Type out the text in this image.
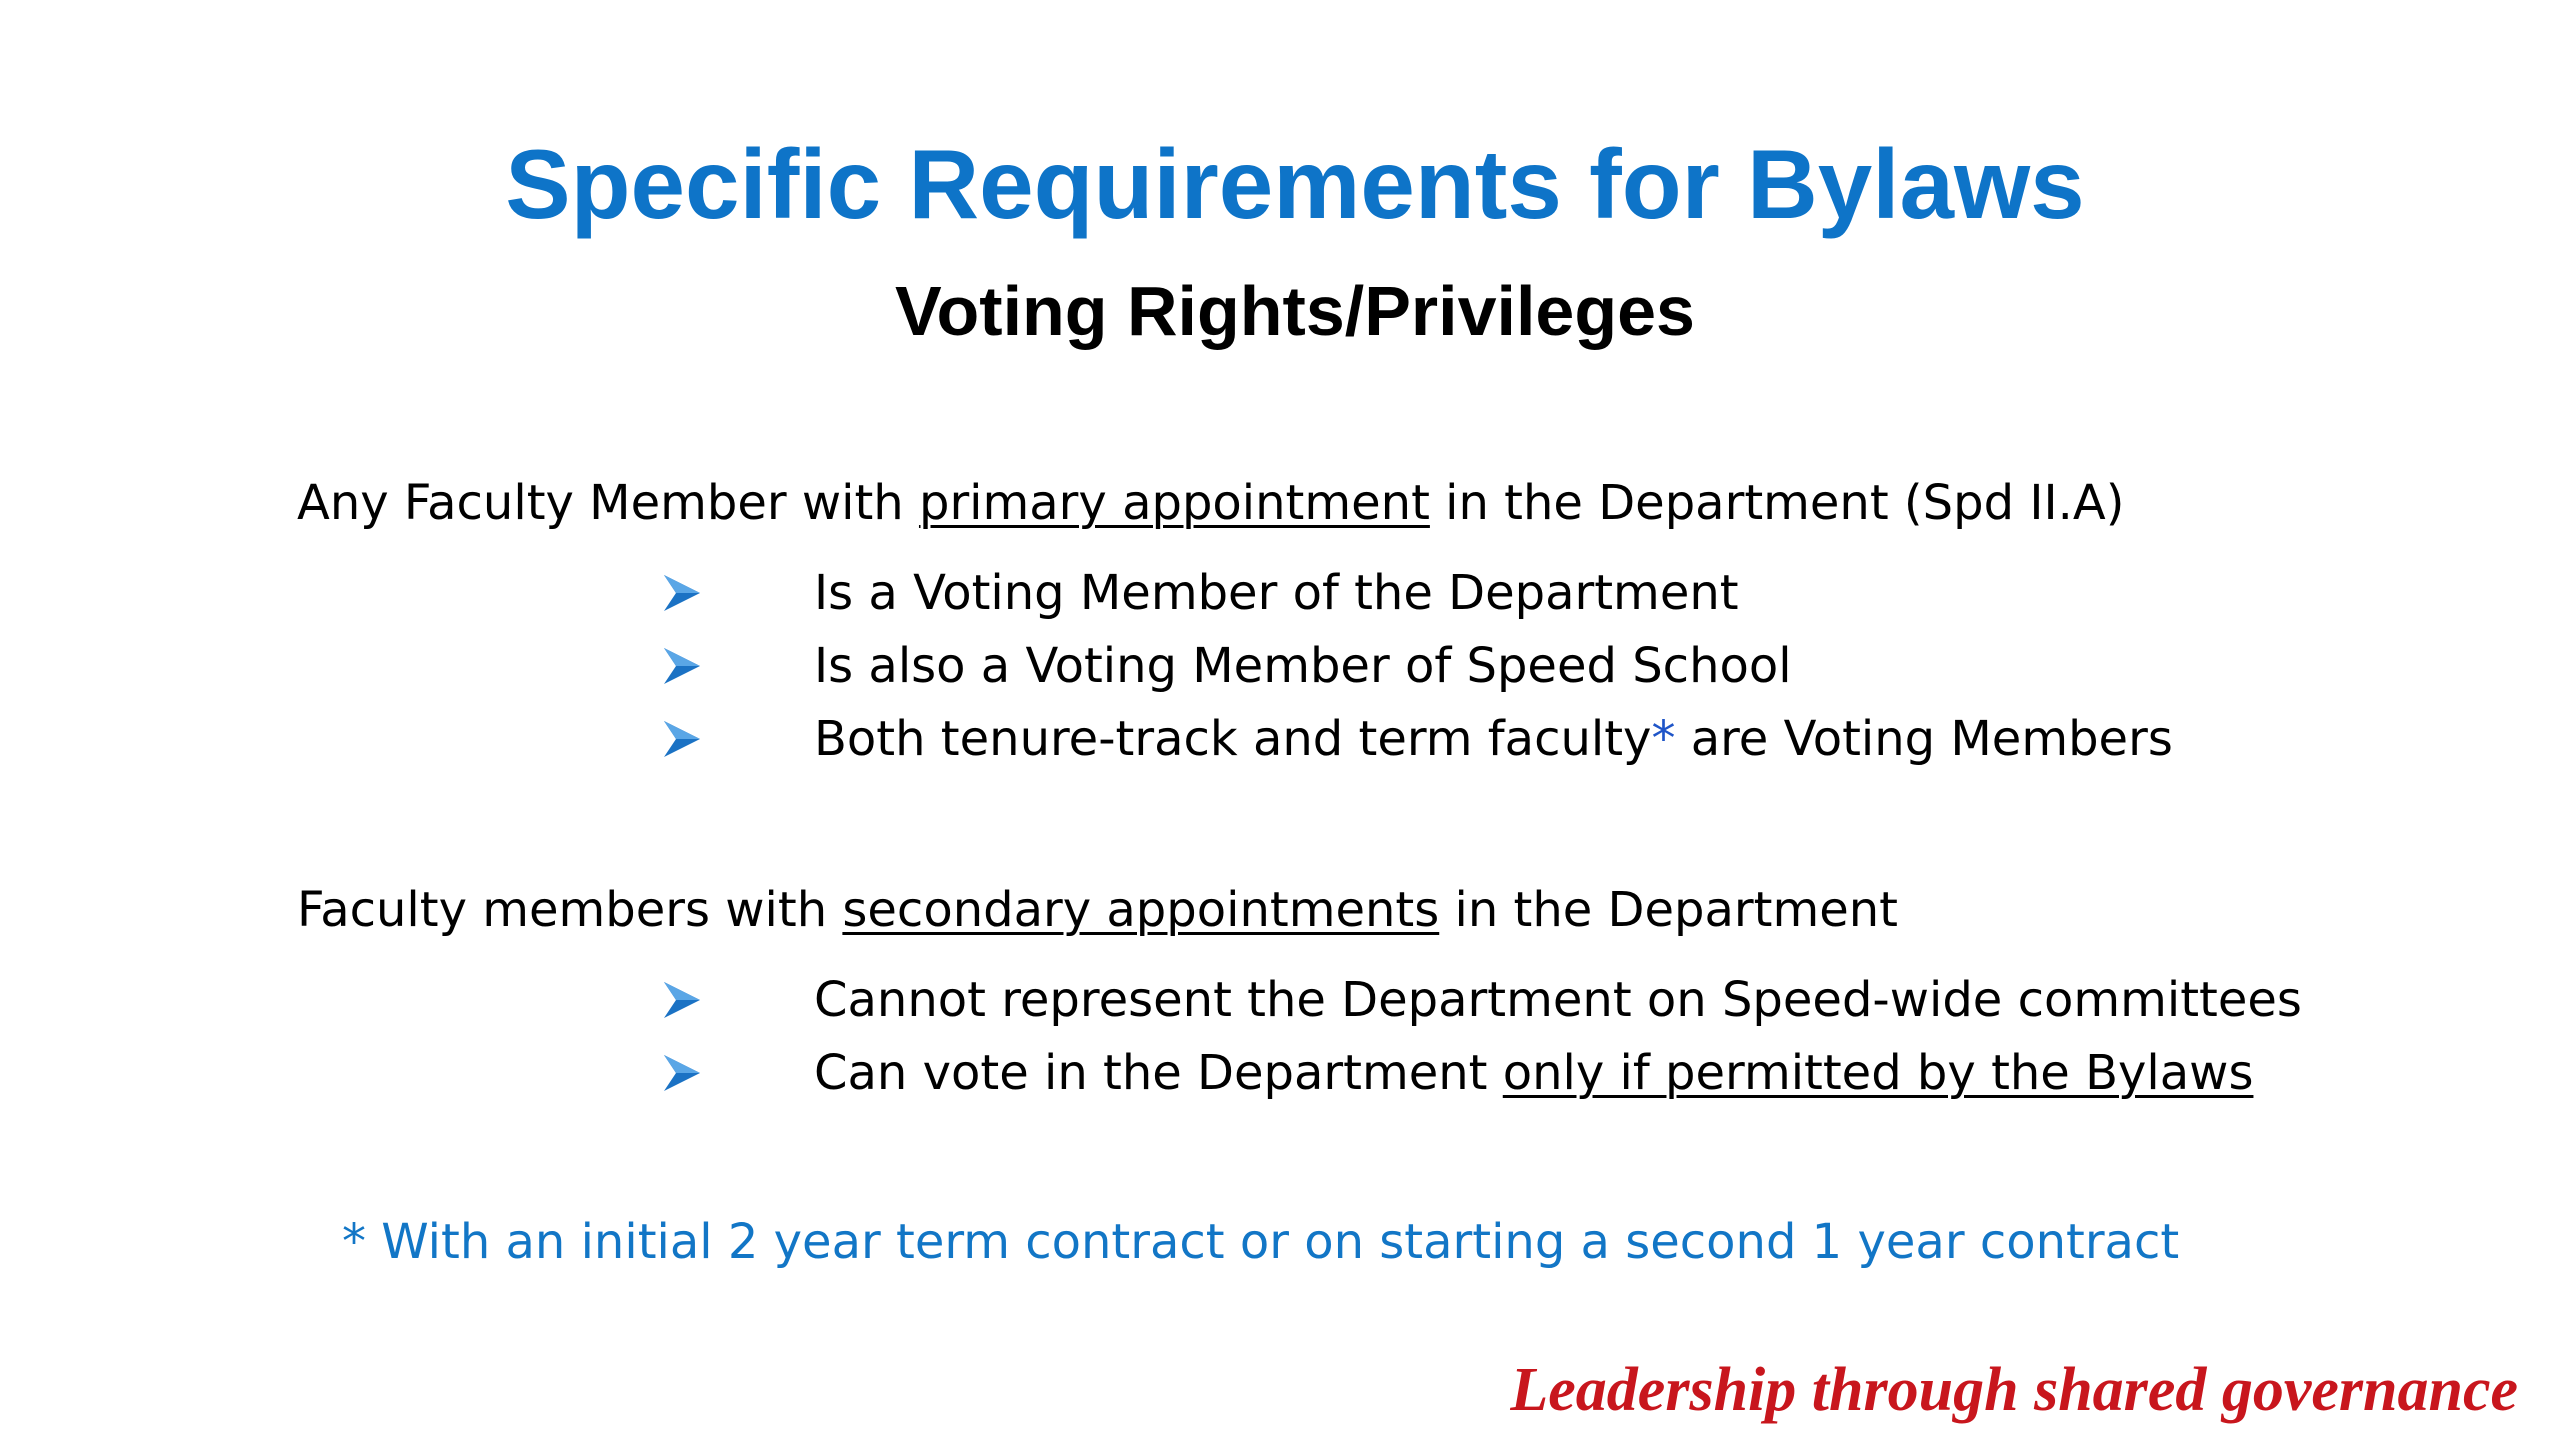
Specific Requirements for Bylaws
Voting Rights/Privileges
Any Faculty Member with primary appointment in the Department (Spd II.A)
Is a Voting Member of the Department
Is also a Voting Member of Speed School
Both tenure-track and term faculty* are Voting Members
Faculty members with secondary appointments in the Department
Cannot represent the Department on Speed-wide committees
Can vote in the Department only if permitted by the Bylaws
* With an initial 2 year term contract or on starting a second 1 year contract
Leadership through shared governance
